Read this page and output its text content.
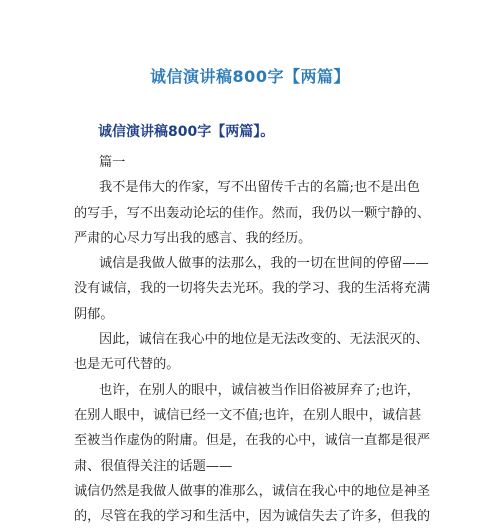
诚信演讲稿800字【两篇】
诚信演讲稿800字【两篇】。
篇一
我不是伟大的作家，写不出留传千古的名篇;也不是出色
的写手，写不出轰动论坛的佳作。然而，我仍以一颗宁静的、
严肃的心尽力写出我的感言、我的经历。
诚信是我做人做事的法那么，我的一切在世间的停留——
没有诚信，我的一切将失去光环。我的学习、我的生活将充满
阴郁。
因此，诚信在我心中的地位是无法改变的、无法泯灭的、
也是无可代替的。
也许，在别人的眼中，诚信被当作旧俗被屏弃了;也许，
在别人眼中，诚信已经一文不值;也许，在别人眼中，诚信甚
至被当作虚伪的附庸。但是，在我的心中，诚信一直都是很严
肃、很值得关注的话题——
诚信仍然是我做人做事的准那么，诚信在我心中的地位是神圣
的，尽管在我的学习和生活中，因为诚信失去了许多，但我的
